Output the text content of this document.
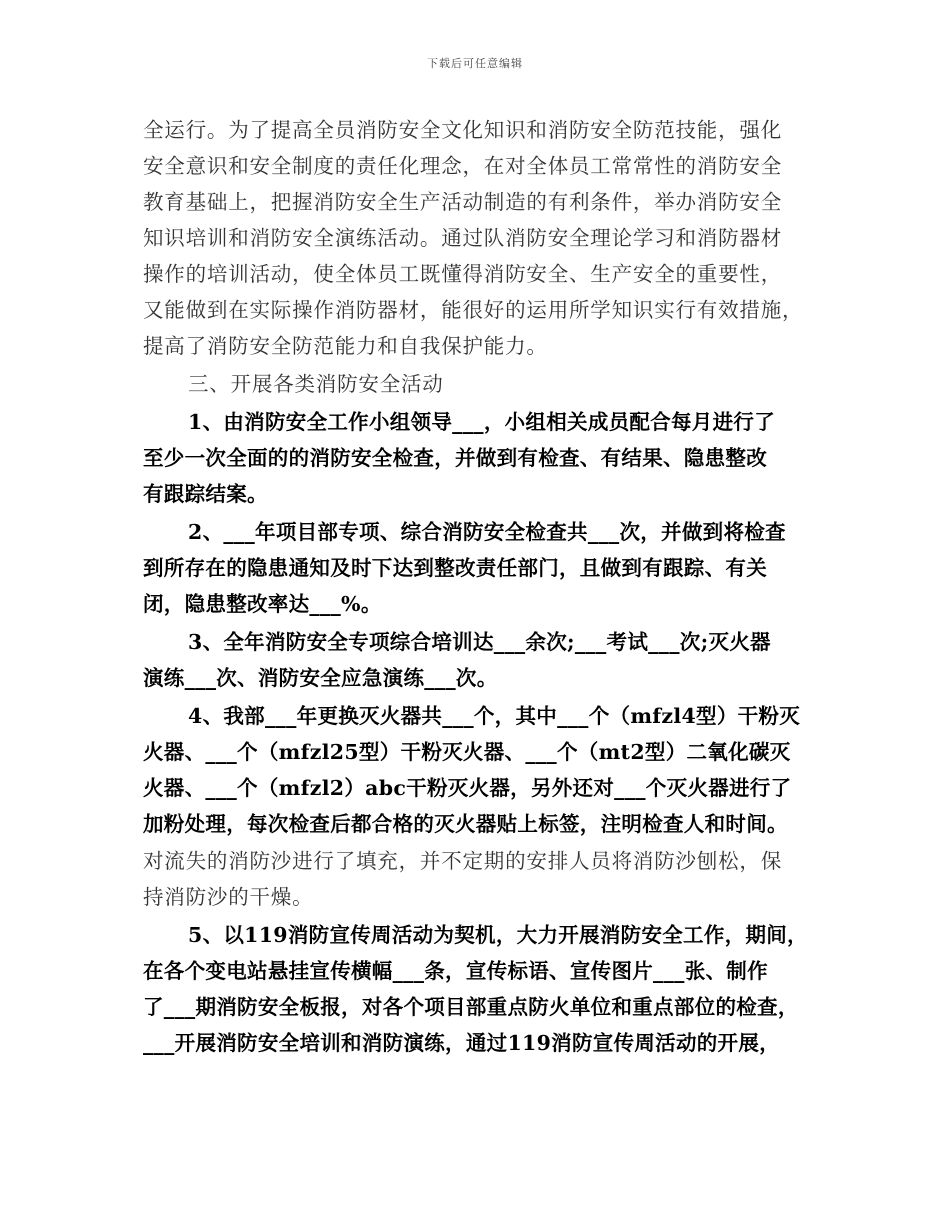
下载后可任意编辑

全运行。为了提高全员消防安全文化知识和消防安全防范技能，强化

安全意识和安全制度的责任化理念，在对全体员工常常性的消防安全

教育基础上，把握消防安全生产活动制造的有利条件，举办消防安全

知识培训和消防安全演练活动。通过队消防安全理论学习和消防器材

操作的培训活动，使全体员工既懂得消防安全、生产安全的重要性，

又能做到在实际操作消防器材，能很好的运用所学知识实行有效措施，

提高了消防安全防范能力和自我保护能力。

三、开展各类消防安全活动

1、由消防安全工作小组领导___，小组相关成员配合每月进行了

至少一次全面的的消防安全检查，并做到有检查、有结果、隐患整改

有跟踪结案。

2、___年项目部专项、综合消防安全检查共___次，并做到将检查

到所存在的隐患通知及时下达到整改责任部门，且做到有跟踪、有关

闭，隐患整改率达___%。

3、全年消防安全专项综合培训达___余次;___考试___次;灭火器

演练___次、消防安全应急演练___次。

4、我部___年更换灭火器共___个，其中___个（mfzl4型）干粉灭

火器、___个（mfzl25型）干粉灭火器、___个（mt2型）二氧化碳灭

火器、___个（mfzl2）abc干粉灭火器，另外还对___个灭火器进行了

加粉处理，每次检查后都合格的灭火器贴上标签，注明检查人和时间。

对流失的消防沙进行了填充，并不定期的安排人员将消防沙刨松，保

持消防沙的干燥。

5、以119消防宣传周活动为契机，大力开展消防安全工作，期间，

在各个变电站悬挂宣传横幅___条，宣传标语、宣传图片___张、制作

了___期消防安全板报，对各个项目部重点防火单位和重点部位的检查，

___开展消防安全培训和消防演练，通过119消防宣传周活动的开展，
